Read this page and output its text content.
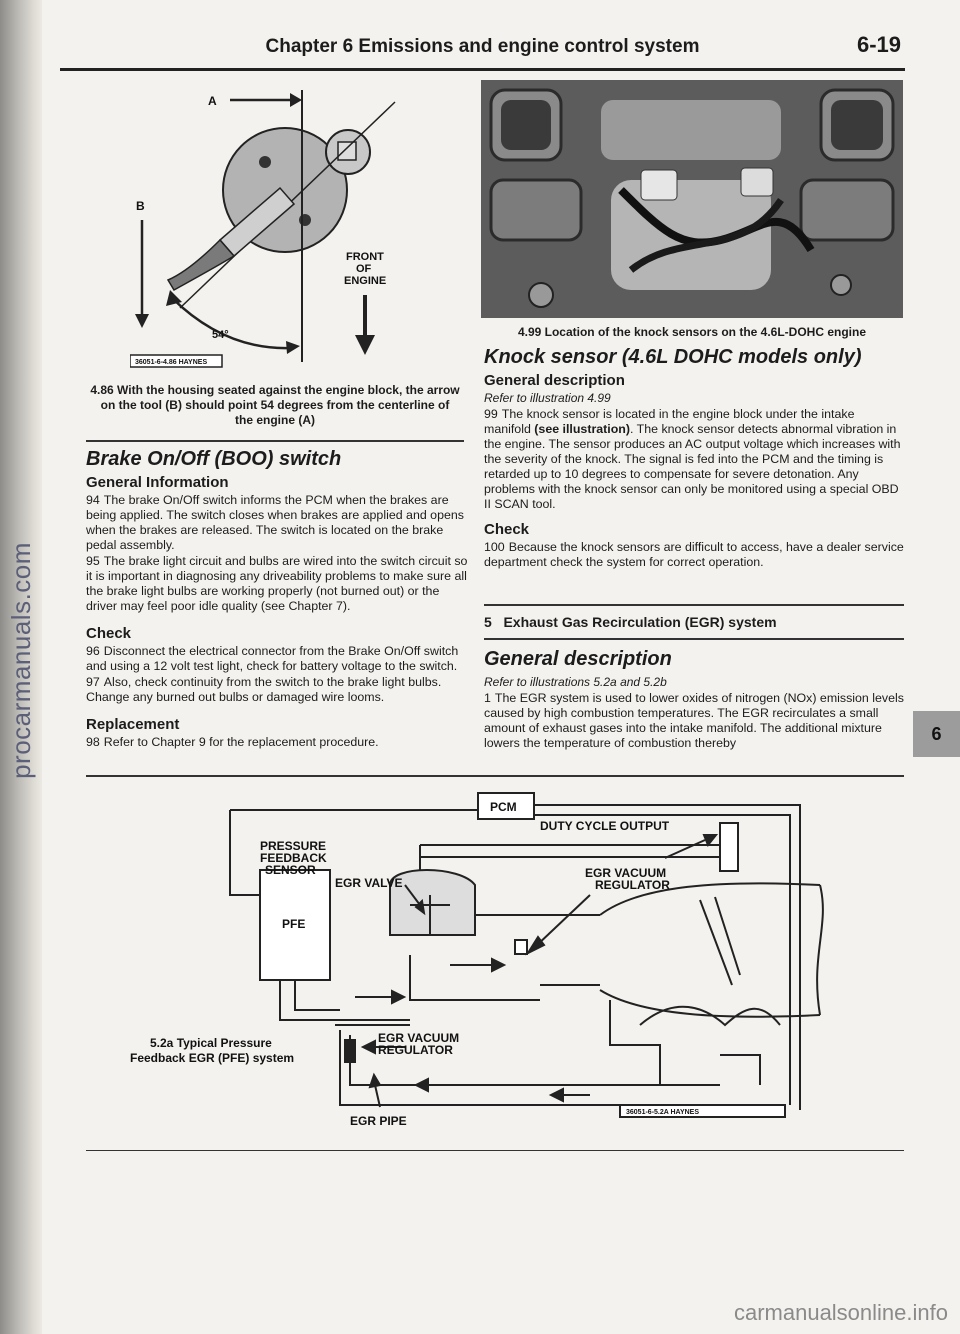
procarmanuals.com
carmanualsonline.info
Chapter 6 Emissions and engine control system	6-19
A
B
FRONT
OF
ENGINE
54°
36051-6-4.86 HAYNES
4.86 With the housing seated against the engine block, the arrow on the tool (B) should point 54 degrees from the centerline of the engine (A)
Brake On/Off (BOO) switch
General Information

94 The brake On/Off switch informs the PCM when the brakes are being applied. The switch closes when brakes are applied and opens when the brakes are released. The switch is located on the brake pedal assembly.

95 The brake light circuit and bulbs are wired into the switch circuit so it is important in diagnosing any driveability problems to make sure all the brake light bulbs are working properly (not burned out) or the driver may feel poor idle quality (see Chapter 7).

Check

96 Disconnect the electrical connector from the Brake On/Off switch and using a 12 volt test light, check for battery voltage to the switch.

97 Also, check continuity from the switch to the brake light bulbs. Change any burned out bulbs or damaged wire looms.

Replacement

98 Refer to Chapter 9 for the replacement procedure.

4.99 Location of the knock sensors on the 4.6L-DOHC engine
Knock sensor (4.6L DOHC models only)
General description

Refer to illustration 4.99

99 The knock sensor is located in the engine block under the intake manifold (see illustration). The knock sensor detects abnormal vibration in the engine. The sensor produces an AC output voltage which increases with the severity of the knock. The signal is fed into the PCM and the timing is retarded up to 10 degrees to compensate for severe detonation. Any problems with the knock sensor can only be monitored using a special OBD II SCAN tool.

Check

100 Because the knock sensors are difficult to access, have a dealer service department check the system for correct operation.

5 Exhaust Gas Recirculation (EGR) system
General description

Refer to illustrations 5.2a and 5.2b

1 The EGR system is used to lower oxides of nitrogen (NOx) emission levels caused by high combustion temperatures. The EGR recirculates a small amount of exhaust gases into the intake manifold. The additional mixture lowers the temperature of combustion thereby	6
PCM
DUTY CYCLE OUTPUT
PRESSURE
FEEDBACK
SENSOR
PFE
EGR VALVE
EGR VACUUM
REGULATOR
EGR VACUUM
REGULATOR
EGR PIPE
5.2a Typical Pressure
Feedback EGR (PFE) system
36051-6-5.2A HAYNES
